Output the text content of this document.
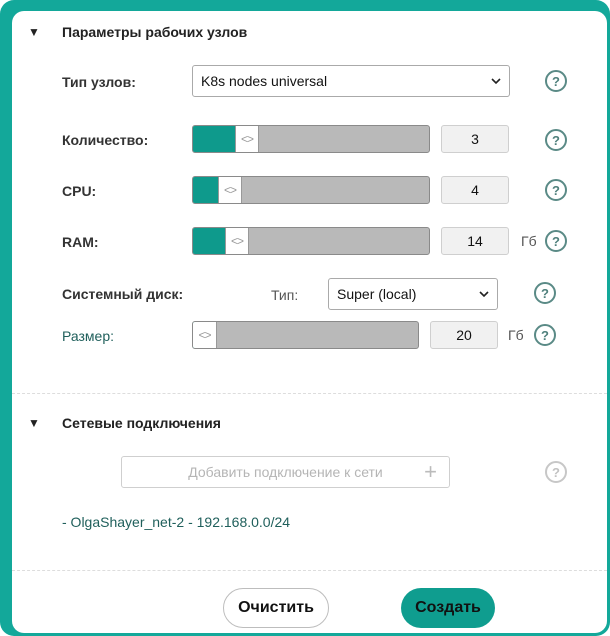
▼ Параметры рабочих узлов
Тип узлов:	K8s nodes universal	?
Количество:	<>	3	?
CPU:	<>	4	?
RAM:	<>	14	Гб	?
Системный диск:	Тип:	Super (local)	?
Размер:	<>	20	Гб	?
▼ Сетевые подключения
Добавить подключение к сети +	?
- OlgaShayer_net-2 - 192.168.0.0/24
Очистить	Создать
